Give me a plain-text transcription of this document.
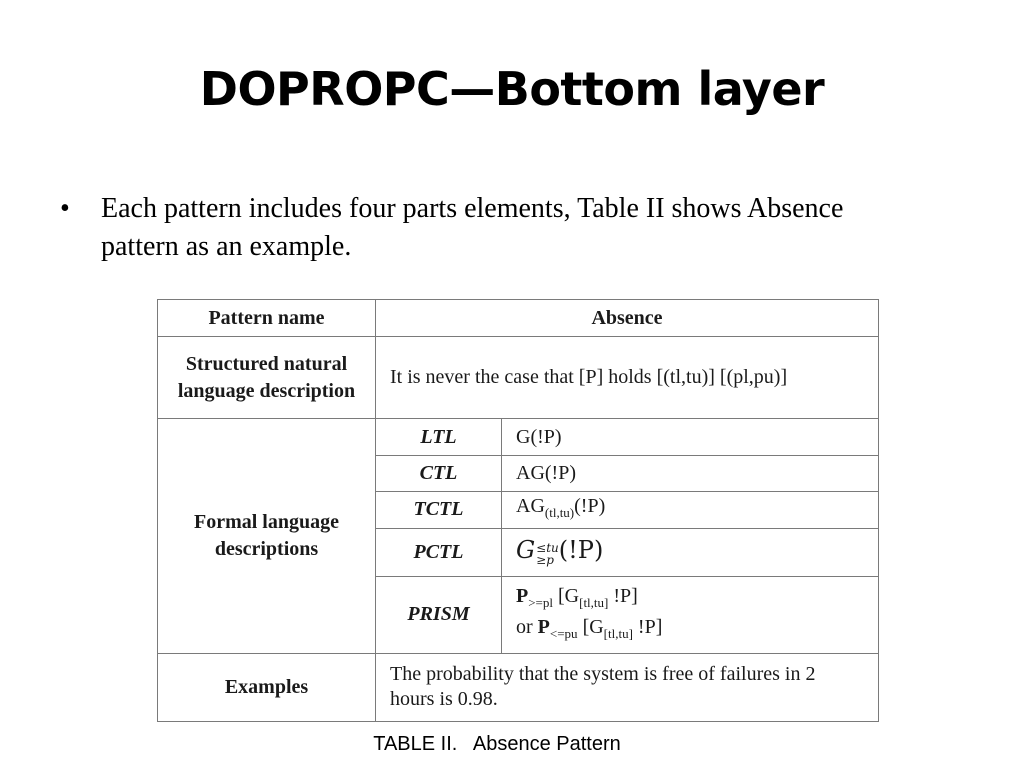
DOPROPC—Bottom layer
• Each pattern includes four parts elements, Table II shows Absence pattern as an example.
Pattern name	Absence	
Structured natural language description	It is never the case that [P] holds [(tl,tu)] [(pl,pu)]	
Formal language descriptions	LTL	G(!P)
	CTL	AG(!P)
	TCTL	$AG_{(tl,tu)}(!P)$
	PCTL	G ≤tu
≥p (!P)
	PRISM	$P_{>=pl}$ [$G_{[tl,tu]}$ !P]
or $P_{<=pu}$ [$G_{[tl,tu]}$ !P]

Examples	The probability that the system is free of failures in 2 hours is 0.98.	
TABLE II.   Absence Pattern
